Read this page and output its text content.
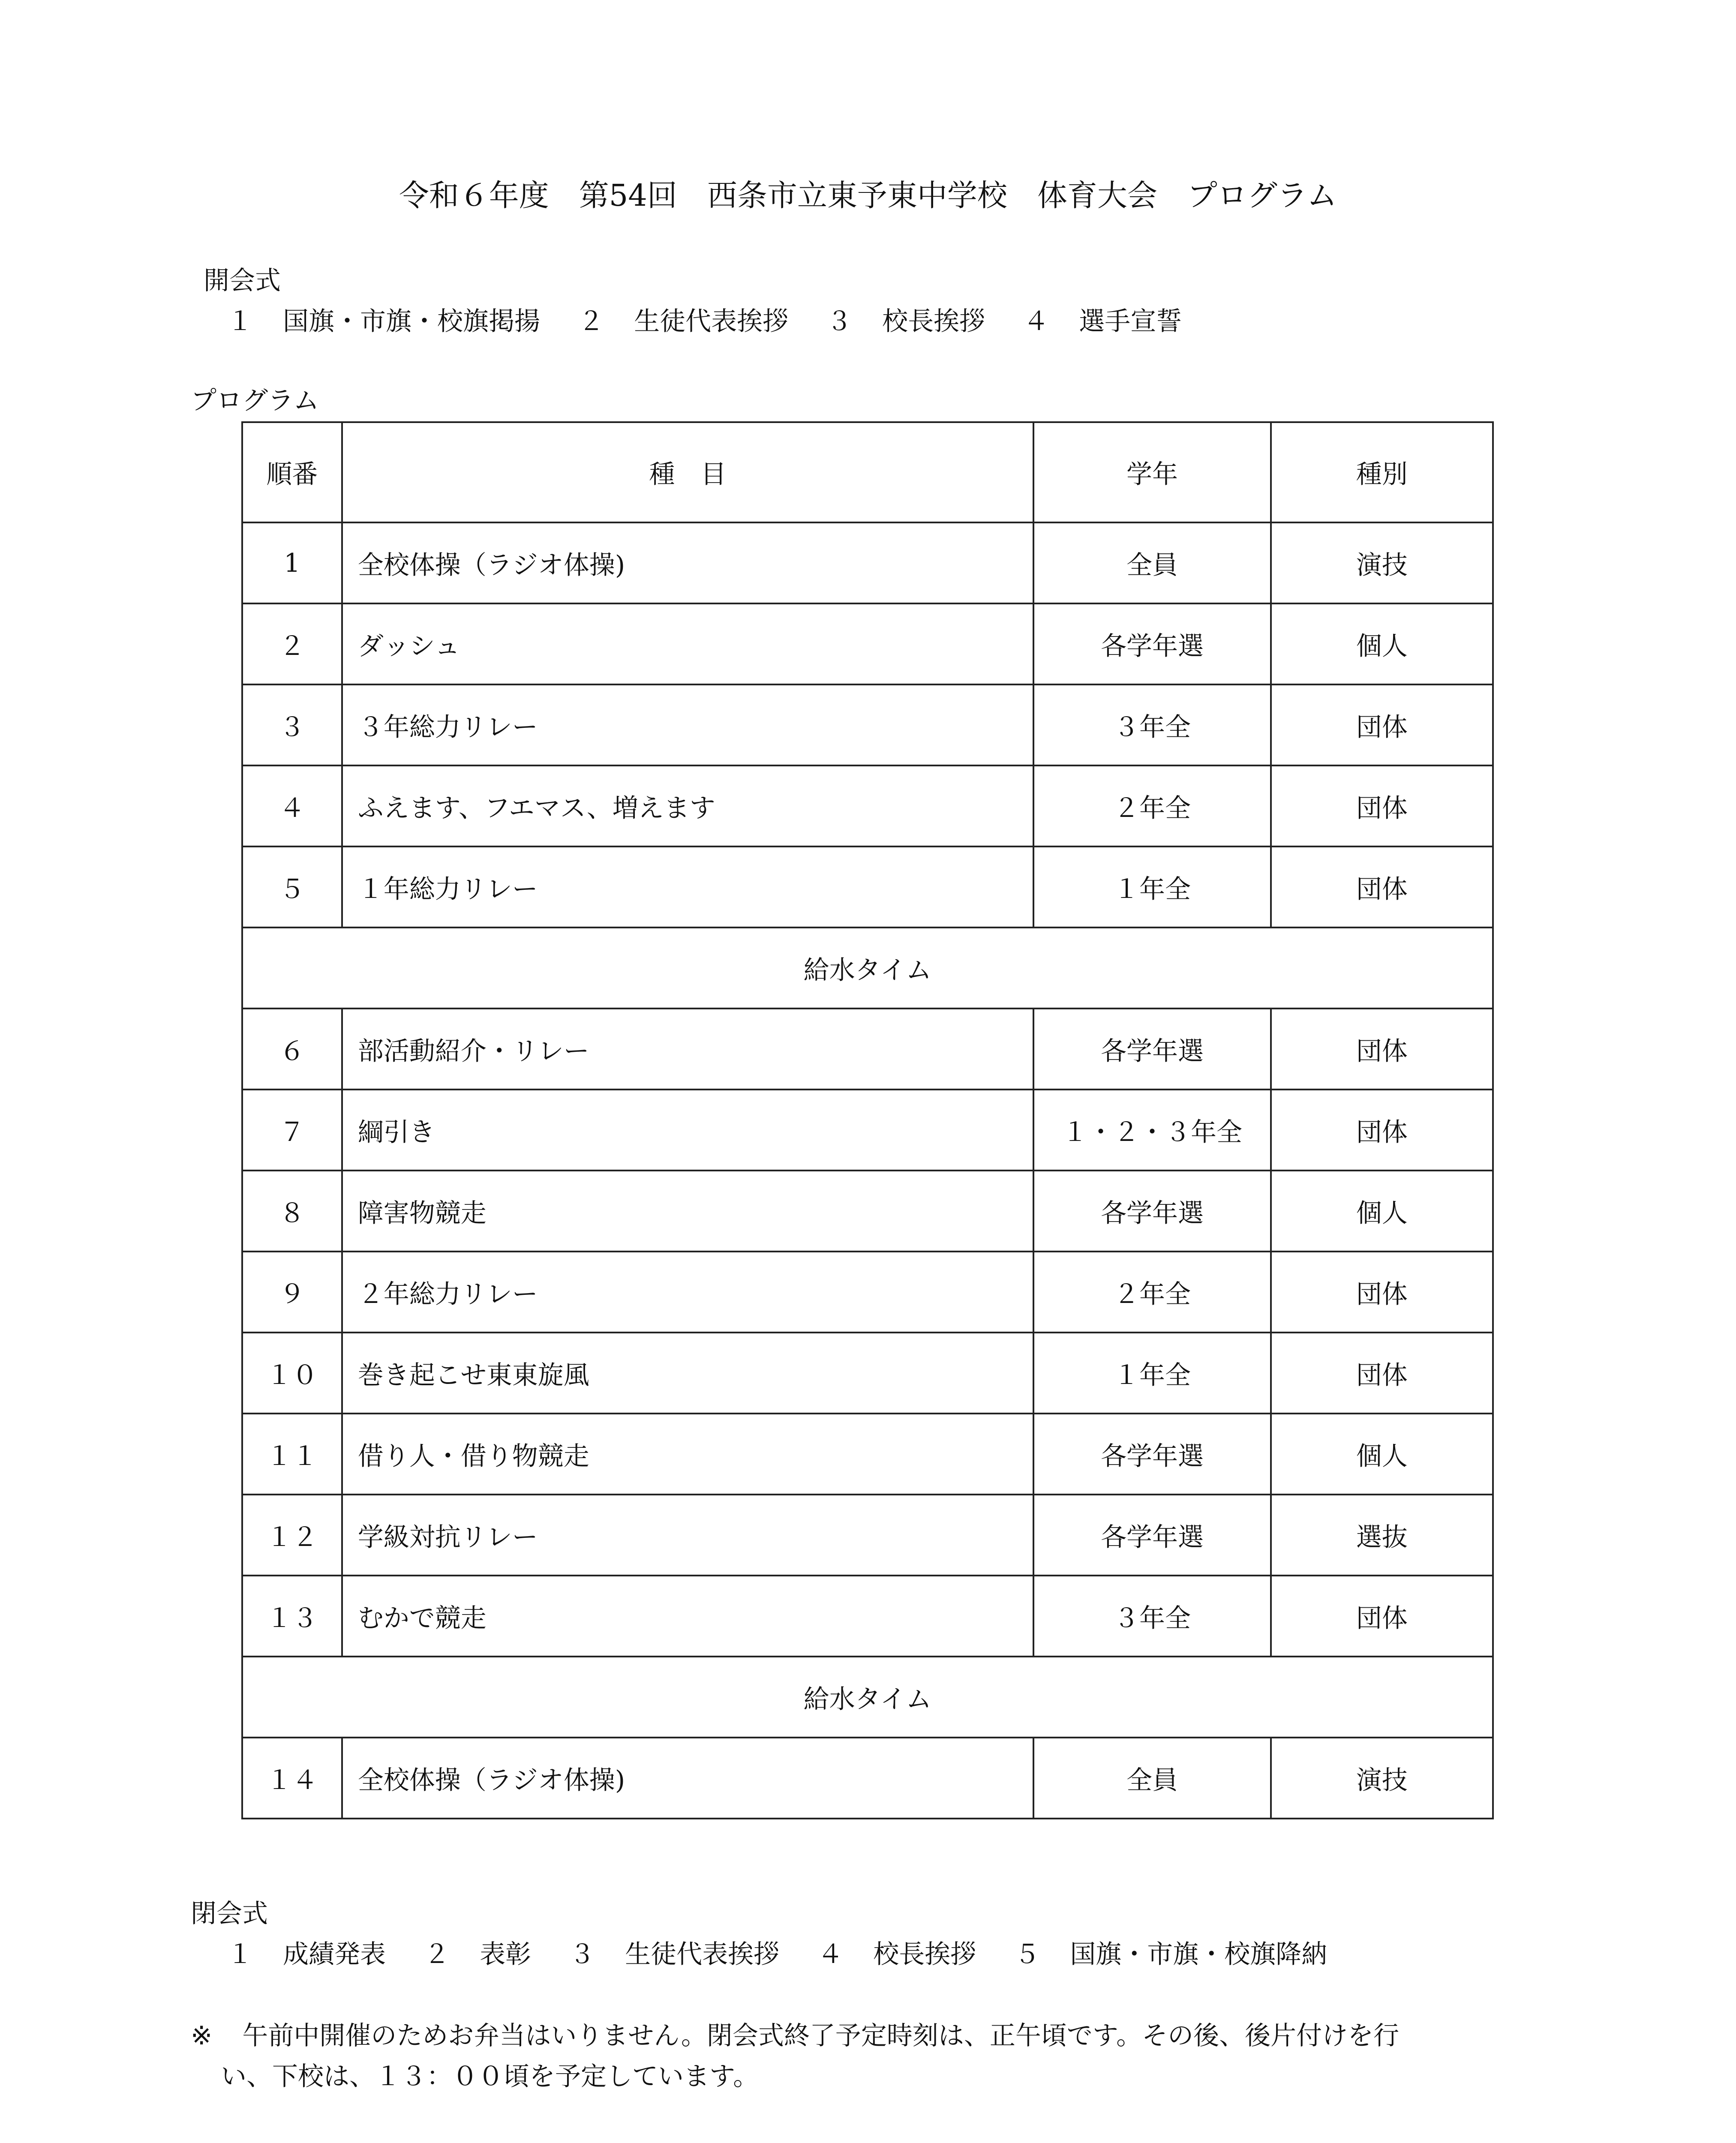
令和６年度　第54回　西条市立東予東中学校　体育大会　プログラム
開会式
１ 国旗・市旗・校旗掲揚 ２ 生徒代表挨拶 ３ 校長挨拶 ４ 選手宣誓
プログラム
順番	種　目	学年	種別
1	全校体操（ラジオ体操)	全員	演技
２	ダッシュ	各学年選	個人
３	３年総力リレー	３年全	団体
４	ふえます、フエマス、増えます	２年全	団体
５	１年総力リレー	１年全	団体
給水タイム			
６	部活動紹介・リレー	各学年選	団体
７	綱引き	１・２・３年全	団体
８	障害物競走	各学年選	個人
９	２年総力リレー	２年全	団体
１０	巻き起こせ東東旋風	１年全	団体
１１	借り人・借り物競走	各学年選	個人
１２	学級対抗リレー	各学年選	選抜
１３	むかで競走	３年全	団体
給水タイム			
１４	全校体操（ラジオ体操)	全員	演技
閉会式
１ 成績発表 ２ 表彰 ３ 生徒代表挨拶 ４ 校長挨拶 ５ 国旗・市旗・校旗降納
※ 午前中開催のためお弁当はいりません。閉会式終了予定時刻は、正午頃です。その後、後片付けを行
い、下校は、１３：００頃を予定しています。
